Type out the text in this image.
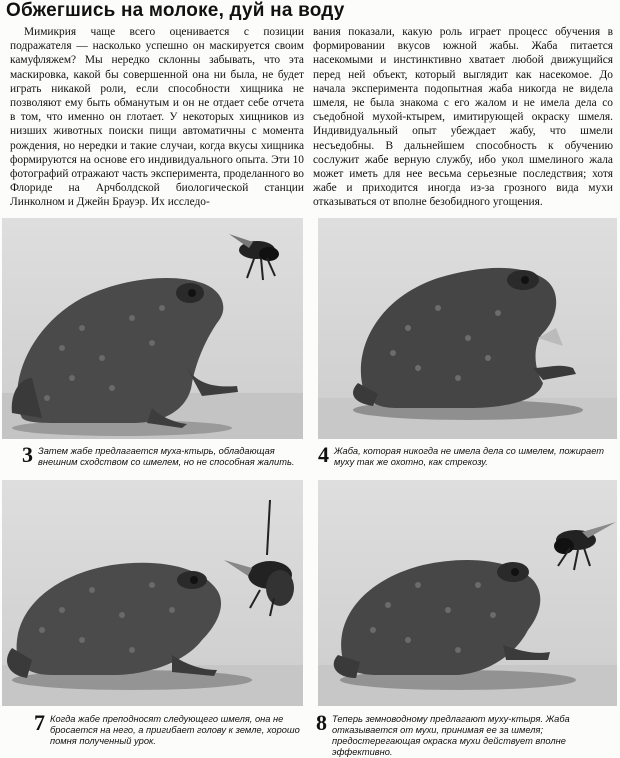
Обжегшись на молоке, дуй на воду
Мимикрия чаще всего оценивается с позиции подражателя — насколько успешно он маскируется своим камуфляжем? Мы нередко склонны забывать, что эта маскировка, какой бы совершенной она ни была, не будет играть никакой роли, если способности хищника не позволяют ему быть обманутым и он не отдает себе отчета в том, что именно он глотает. У некоторых хищников из низших животных поиски пищи автоматичны с момента рождения, но нередки и такие случаи, когда вкусы хищника формируются на основе его индивидуального опыта. Эти 10 фотографий отражают часть эксперимента, проделанного во Флориде на Арчболдской биологической станции Линколном и Джейн Брауэр. Их исследо-
вания показали, какую роль играет процесс обучения в формировании вкусов южной жабы. Жаба питается насекомыми и инстинктивно хватает любой движущийся перед ней объект, который выглядит как насекомое. До начала эксперимента подопытная жаба никогда не видела шмеля, не была знакома с его жалом и не имела дела со съедобной мухой-ктырем, имитирующей окраску шмеля. Индивидуальный опыт убеждает жабу, что шмели несъедобны. В дальнейшем способность к обучению сослужит жабе верную службу, ибо укол шмелиного жала может иметь для нее весьма серьезные последствия; хотя жабе и приходится иногда из-за грозного вида мухи отказываться от вполне безобидного угощения.
3 Затем жабе предлагается муха-ктырь, обладающая внешним сходством со шмелем, но не способная жалить.	4 Жаба, которая никогда не имела дела со шмелем, пожирает муху так же охотно, как стрекозу.
7 Когда жабе преподносят следующего шмеля, она не бросается на него, а пригибает голову к земле, хорошо помня полученный урок.
8 Теперь земноводному предлагают муху-ктыря. Жаба отказывается от мухи, принимая ее за шмеля; предостерегающая окраска мухи действует вполне эффективно.
